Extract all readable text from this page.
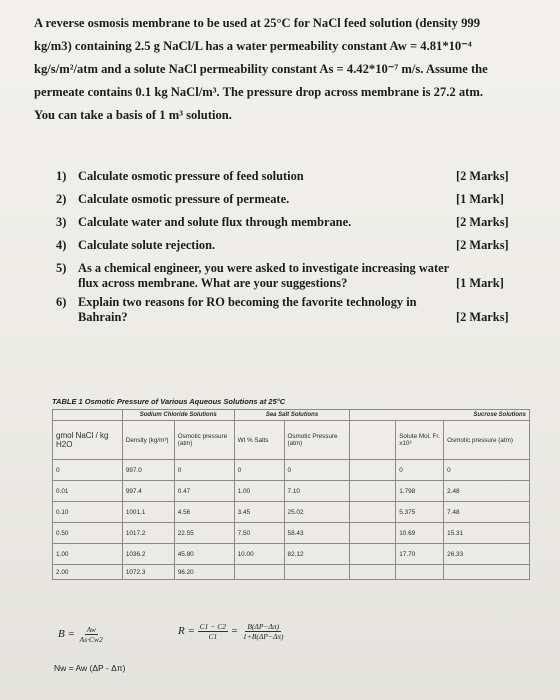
A reverse osmosis membrane to be used at 25°C for NaCl feed solution (density 999
kg/m3) containing 2.5 g NaCl/L has a water permeability constant Aw = 4.81*10⁻⁴
kg/s/m²/atm and a solute NaCl permeability constant As = 4.42*10⁻⁷ m/s. Assume the
permeate contains 0.1 kg NaCl/m³. The pressure drop across membrane is 27.2 atm.
You can take a basis of 1 m³ solution.
1) Calculate osmotic pressure of feed solution	[2 Marks]
2) Calculate osmotic pressure of permeate.	[1 Mark]
3) Calculate water and solute flux through membrane.	[2 Marks]
4) Calculate solute rejection.	[2 Marks]
5) As a chemical engineer, you were asked to investigate increasing water flux across membrane. What are your suggestions?	[1 Mark]
6) Explain two reasons for RO becoming the favorite technology in Bahrain?	[2 Marks]
TABLE 1 Osmotic Pressure of Various Aqueous Solutions at 25°C
	Sodium Chloride Solutions		Sea Salt Solutions		Sucrose Solutions		
gmol NaCl / kg H2O	Density (kg/m³)	Osmotic pressure (atm)	Wt % Salts	Osmotic Pressure (atm)		Solute Mol. Fr. x10³	Osmotic pressure (atm)
0	997.0	0	0	0		0	0
0.01	997.4	0.47	1.00	7.10		1.798	2.48
0.10	1001.1	4.56	3.45	25.02		5.375	7.48
0.50	1017.2	22.55	7.50	58.43		10.69	15.31
1.00	1036.2	45.80	10.00	82.12		17.70	26.33
2.00	1072.3	96.20					
$B = \frac{Aw}{As\cdot Cw2}$	$R = \frac{C1 - C2}{C1} = \frac{B(\Delta P-\Delta\pi)}{1+B(\Delta P-\Delta\pi)}$
Nw = Aw (ΔP - Δπ)
